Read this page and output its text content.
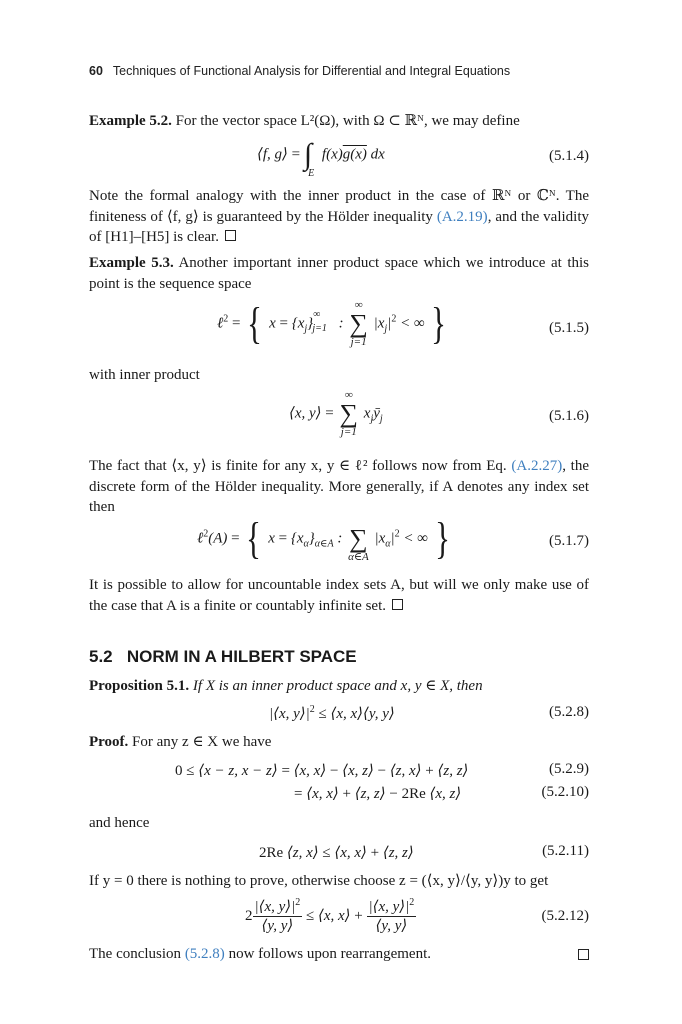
60 Techniques of Functional Analysis for Differential and Integral Equations
Example 5.2. For the vector space L²(Ω), with Ω ⊂ ℝᴺ, we may define
⟨f, g⟩ = $\int_E$ f(x)g(x) dx	(5.1.4)
Note the formal analogy with the inner product in the case of ℝᴺ or ℂᴺ. The finiteness of ⟨f, g⟩ is guaranteed by the Hölder inequality (A.2.19), and the validity of [H1]–[H5] is clear.
Example 5.3. Another important inner product space which we introduce at this point is the sequence space
ℓ$^2$ = { $x = \{x_j\}^\infty_{j=1}$ :
∞
∑
j=1
$|x_j|^2$ < ∞ }	(5.1.5)
with inner product
⟨x, y⟩ =
∞
∑
j=1
$x_jȳ_j$	(5.1.6)
The fact that ⟨x, y⟩ is finite for any x, y ∈ ℓ² follows now from Eq. (A.2.27), the discrete form of the Hölder inequality. More generally, if A denotes any index set then
ℓ$^2$(A) = { $x = \{x_\alpha\}_{\alpha\in A}$ :
∑
α∈A
$|x_\alpha|^2$ < ∞ }	(5.1.7)
It is possible to allow for uncountable index sets A, but will we only make use of the case that A is a finite or countably infinite set.
5.2 NORM IN A HILBERT SPACE
Proposition 5.1. If X is an inner product space and x, y ∈ X, then
|⟨x, $y⟩|^2$ ≤ ⟨x, x⟩⟨y, y⟩	(5.2.8)
Proof. For any z ∈ X we have
0 ≤ ⟨x − z, x − z⟩ = ⟨x, x⟩ − ⟨x, z⟩ − ⟨z, x⟩ + ⟨z, z⟩	(5.2.9)
= ⟨x, x⟩ + ⟨z, z⟩ − 2Re ⟨x, z⟩	(5.2.10)
and hence
2Re ⟨z, x⟩ ≤ ⟨x, x⟩ + ⟨z, z⟩	(5.2.11)
If y = 0 there is nothing to prove, otherwise choose z = (⟨x, y⟩/⟨y, y⟩)y to get
$2 \frac{|⟨x, y⟩|^2}{⟨y, y⟩}$ ≤ ⟨x, x⟩ + $\frac{|⟨x, y⟩|^2}{⟨y, y⟩}$	(5.2.12)
The conclusion (5.2.8) now follows upon rearrangement.
